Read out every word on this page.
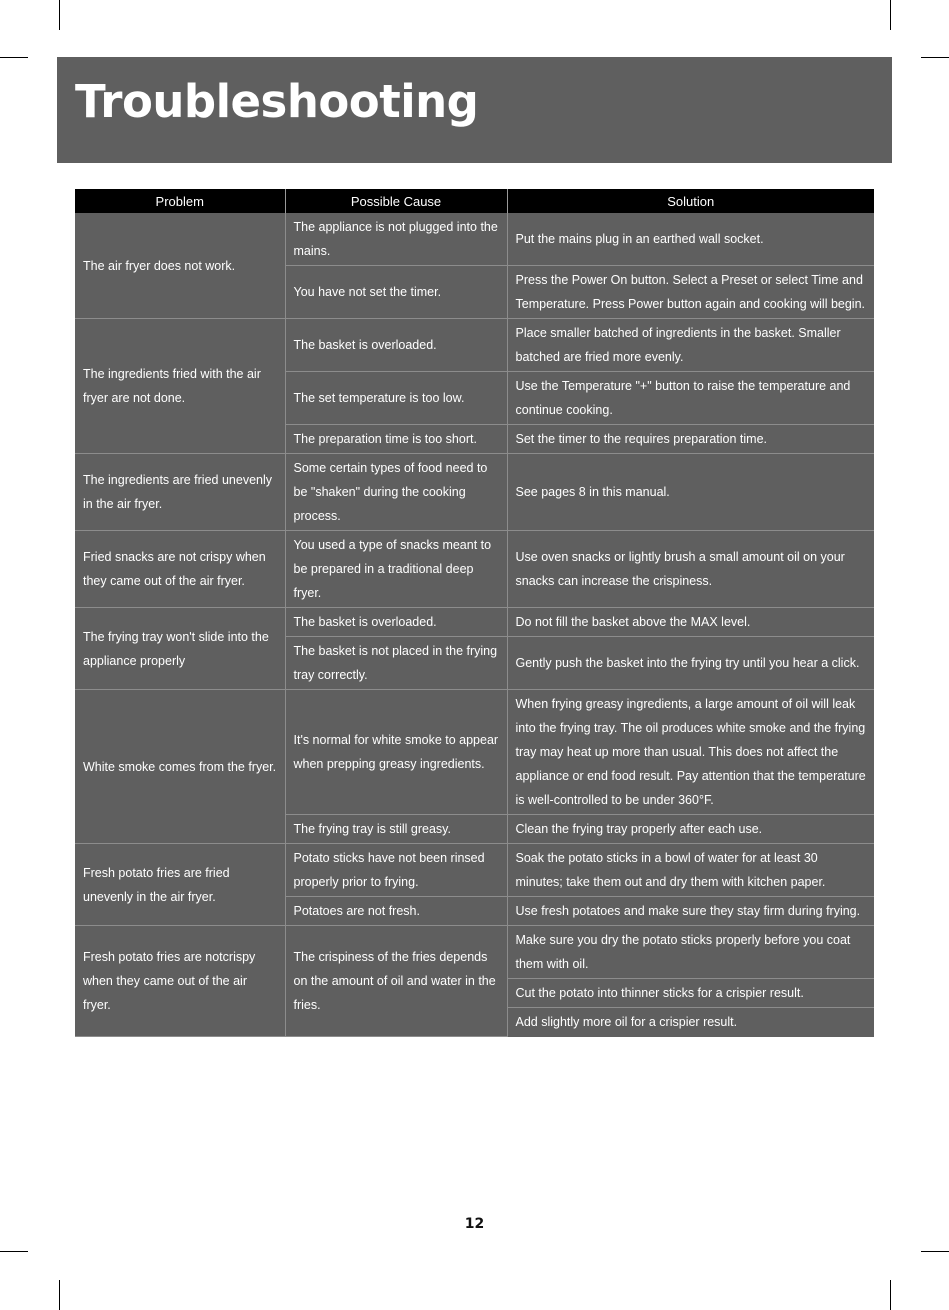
Troubleshooting
Problem	Possible Cause	Solution
The air fryer does not work.	The appliance is not plugged into the mains.	Put the mains plug in an earthed wall socket.
	You have not set the timer.	Press the Power On button. Select a Preset or select Time and Temperature. Press Power button again and cooking will begin.
The ingredients fried with the air fryer are not done.	The basket is overloaded.	Place smaller batched of ingredients in the basket. Smaller batched are fried more evenly.
	The set temperature is too low.	Use the Temperature "+" button to raise the temperature and continue cooking.
	The preparation time is too short.	Set the timer to the requires preparation time.
The ingredients are fried unevenly in the air fryer.	Some certain types of food need to be "shaken" during the cooking process.	See pages 8 in this manual.
Fried snacks are not crispy when they came out of the air fryer.	You used a type of snacks meant to be prepared in a traditional deep fryer.	Use oven snacks or lightly brush a small amount oil on your snacks can increase the crispiness.
The frying tray won't slide into the appliance properly	The basket is overloaded.	Do not fill the basket above the MAX level.
	The basket is not placed in the frying tray correctly.	Gently push the basket into the frying try until you hear a click.
White smoke comes from the fryer.	It's normal for white smoke to appear when prepping greasy ingredients.	When frying greasy ingredients, a large amount of oil will leak into the frying tray. The oil produces white smoke and the frying tray may heat up more than usual. This does not affect the appliance or end food result. Pay attention that the temperature is well-controlled to be under 360°F.
	The frying tray is still greasy.	Clean the frying tray properly after each use.
Fresh potato fries are fried unevenly in the air fryer.	Potato sticks have not been rinsed properly prior to frying.	Soak the potato sticks in a bowl of water for at least 30 minutes; take them out and dry them with kitchen paper.
	Potatoes are not fresh.	Use fresh potatoes and make sure they stay firm during frying.
Fresh potato fries are notcrispy when they came out of the air fryer.	The crispiness of the fries depends on the amount of oil and water in the fries.	Make sure you dry the potato sticks properly before you coat them with oil.
		Cut the potato into thinner sticks for a crispier result.
		Add slightly more oil for a crispier result.
12
